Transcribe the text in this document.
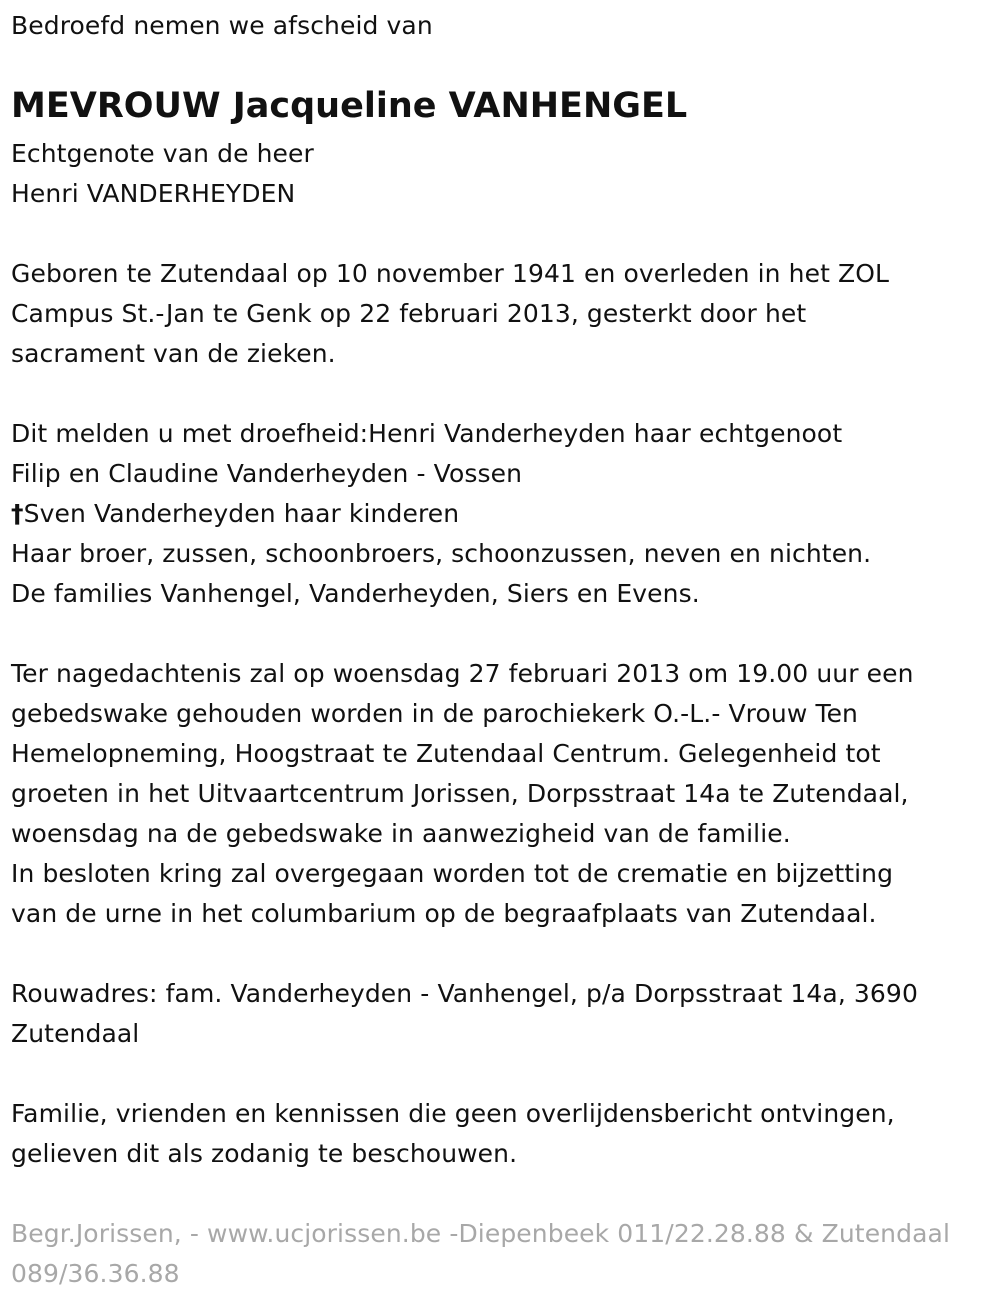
Bedroefd nemen we afscheid van
MEVROUW Jacqueline VANHENGEL
Echtgenote van de heer
Henri VANDERHEYDEN
Geboren te Zutendaal op 10 november 1941 en overleden in het ZOL
Campus St.-Jan te Genk op 22 februari 2013, gesterkt door het
sacrament van de zieken.
Dit melden u met droefheid:Henri Vanderheyden haar echtgenoot
Filip en Claudine Vanderheyden - Vossen
†Sven Vanderheyden haar kinderen
Haar broer, zussen, schoonbroers, schoonzussen, neven en nichten.
De families Vanhengel, Vanderheyden, Siers en Evens.
Ter nagedachtenis zal op woensdag 27 februari 2013 om 19.00 uur een
gebedswake gehouden worden in de parochiekerk O.-L.- Vrouw Ten
Hemelopneming, Hoogstraat te Zutendaal Centrum. Gelegenheid tot
groeten in het Uitvaartcentrum Jorissen, Dorpsstraat 14a te Zutendaal,
woensdag na de gebedswake in aanwezigheid van de familie.
In besloten kring zal overgegaan worden tot de crematie en bijzetting
van de urne in het columbarium op de begraafplaats van Zutendaal.
Rouwadres: fam. Vanderheyden - Vanhengel, p/a Dorpsstraat 14a, 3690
Zutendaal
Familie, vrienden en kennissen die geen overlijdensbericht ontvingen,
gelieven dit als zodanig te beschouwen.
Begr.Jorissen, - www.ucjorissen.be -Diepenbeek 011/22.28.88 & Zutendaal
089/36.36.88
